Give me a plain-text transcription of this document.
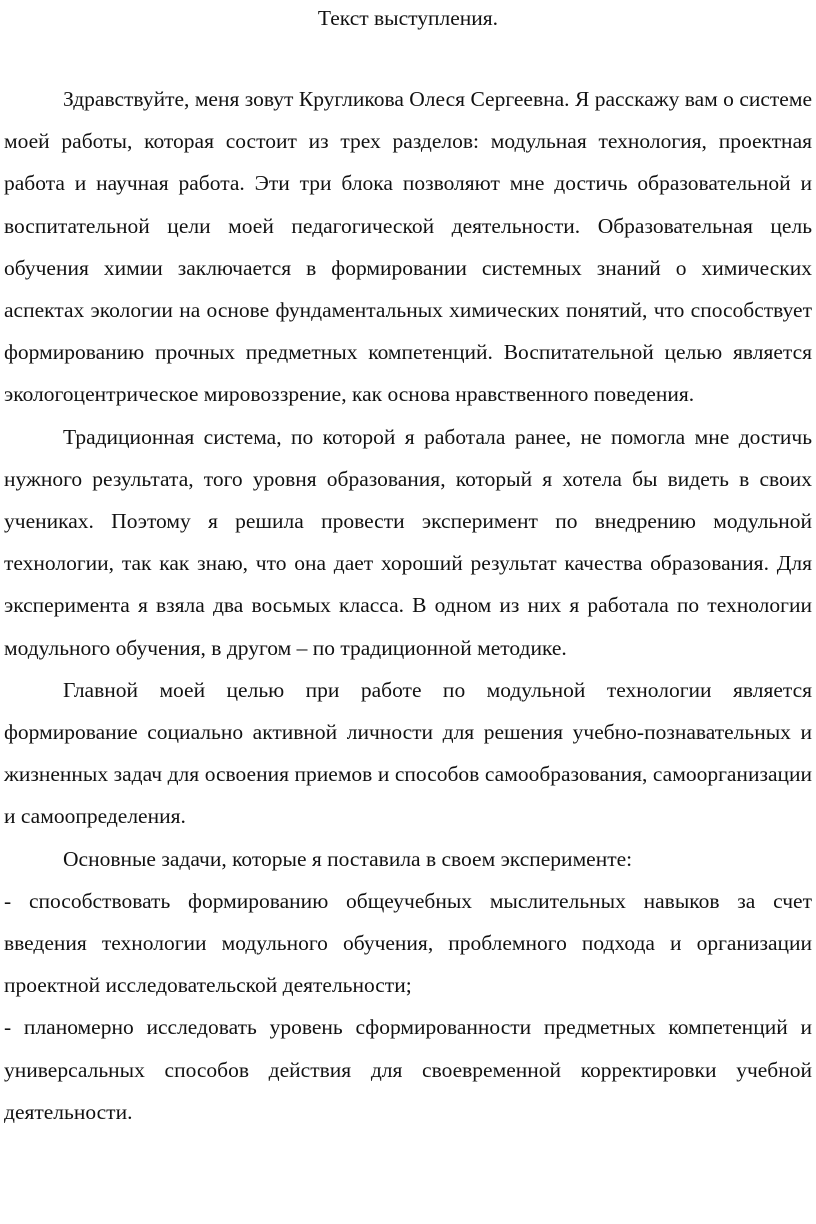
Текст выступления.

Здравствуйте, меня зовут Кругликова Олеся Сергеевна. Я расскажу вам о системе моей работы, которая состоит из трех разделов: модульная технология, проектная работа и научная работа. Эти три блока позволяют мне достичь образовательной и воспитательной цели моей педагогической деятельности. Образовательная цель обучения химии заключается в формировании системных знаний о химических аспектах экологии на основе фундаментальных химических понятий, что способствует формированию прочных предметных компетенций. Воспитательной целью является экологоцентрическое мировоззрение, как основа нравственного поведения.

Традиционная система, по которой я работала ранее, не помогла мне достичь нужного результата, того уровня образования, который я хотела бы видеть в своих учениках. Поэтому я решила провести эксперимент по внедрению модульной технологии, так как знаю, что она дает хороший результат качества образования. Для эксперимента я взяла два восьмых класса. В одном из них я работала по технологии модульного обучения, в другом – по традиционной методике.

Главной моей целью при работе по модульной технологии является формирование социально активной личности для решения учебно-познавательных и жизненных задач для освоения приемов и способов самообразования, самоорганизации и самоопределения.

Основные задачи, которые я поставила в своем эксперименте:

- способствовать формированию общеучебных мыслительных навыков за счет введения технологии модульного обучения, проблемного подхода и организации проектной исследовательской деятельности;

- планомерно исследовать уровень сформированности предметных компетенций и универсальных способов действия для своевременной корректировки учебной деятельности.
